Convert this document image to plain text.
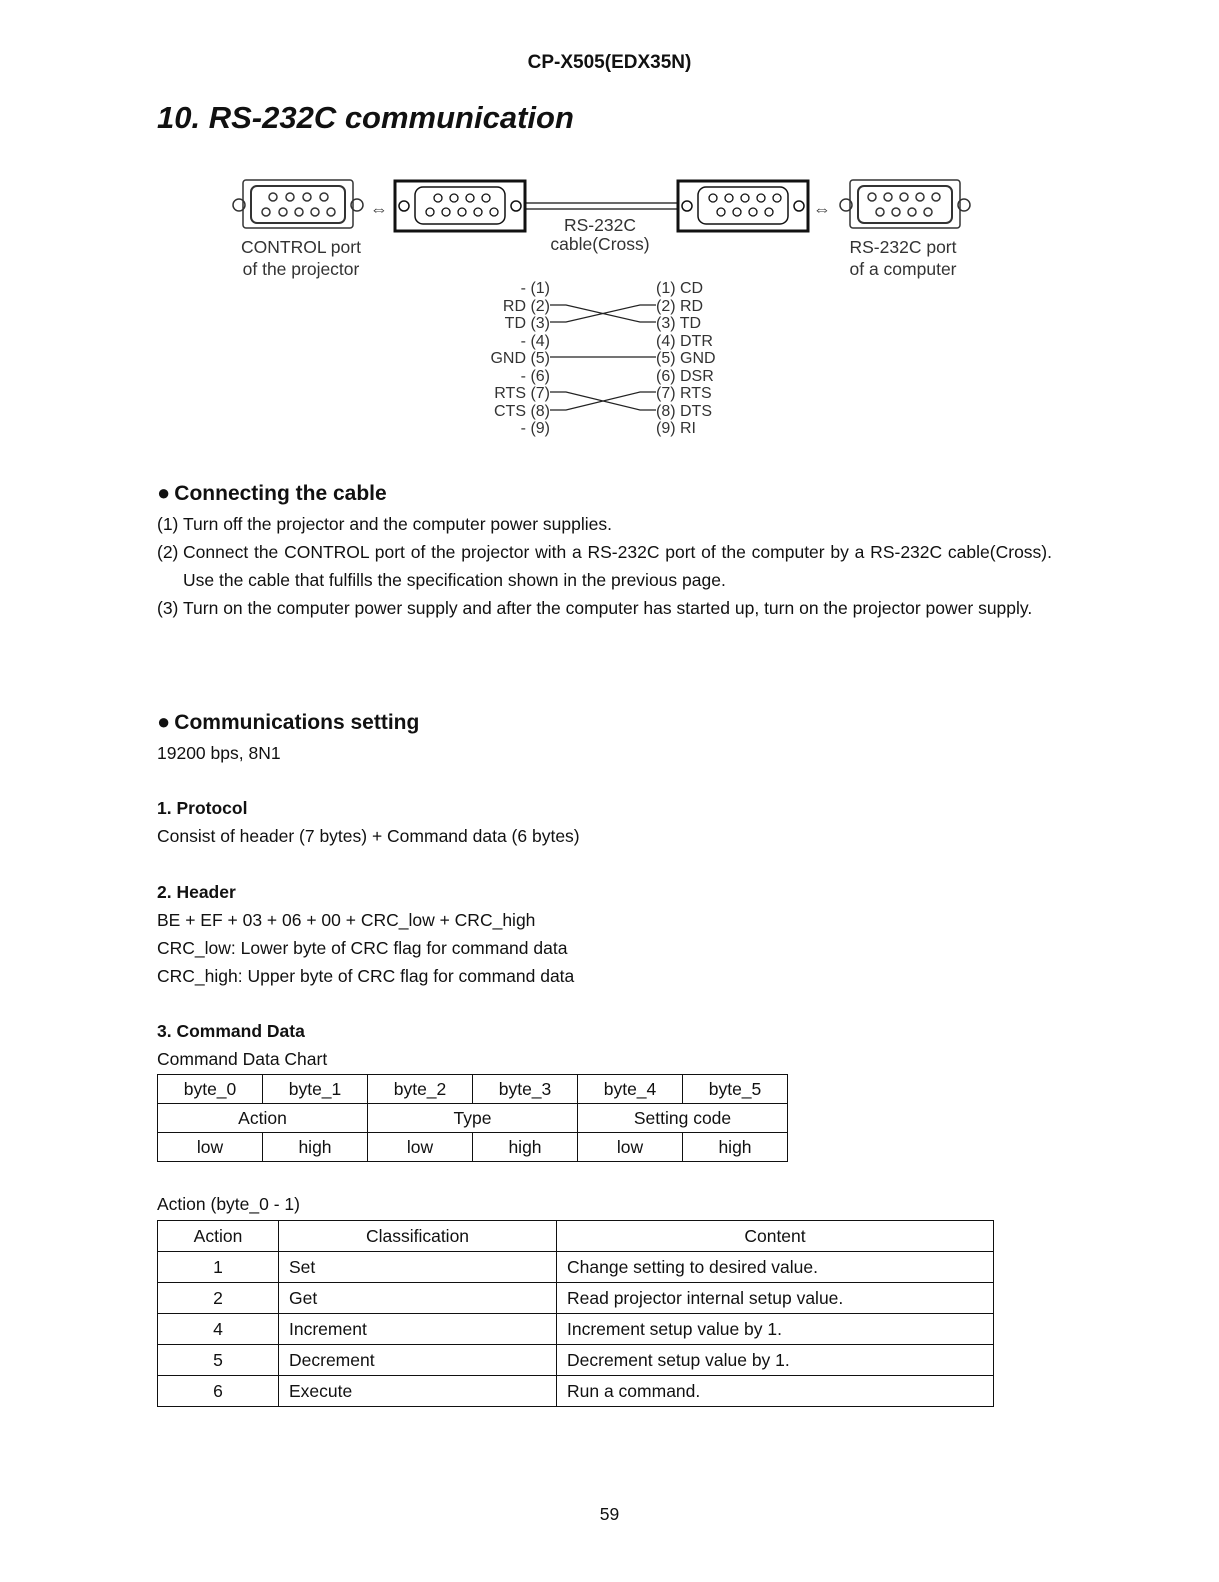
CP-X505(EDX35N)
10. RS-232C communication
⇔	⇔
RS-232C
cable(Cross)
CONTROL port
of the projector
RS-232C port
of a computer
- (1)
RD (2)
TD (3)
- (4)
GND (5)
- (6)
RTS (7)
CTS (8)
- (9)
(1) CD
(2) RD
(3) TD
(4) DTR
(5) GND
(6) DSR
(7) RTS
(8) DTS
(9) RI
● Connecting the cable
(1) Turn off the projector and the computer power supplies.
(2) Connect the CONTROL port of the projector with a RS-232C port of the computer by a RS-232C cable(Cross). Use the cable that fulfills the specification shown in the previous page.
(3) Turn on the computer power supply and after the computer has started up, turn on the projector power supply.
● Communications setting
19200 bps, 8N1
1. Protocol
Consist of header (7 bytes) + Command data (6 bytes)
2. Header
BE + EF + 03 + 06 + 00 + CRC_low + CRC_high
CRC_low: Lower byte of CRC flag for command data
CRC_high: Upper byte of CRC flag for command data
3. Command Data
Command Data Chart
byte_0	byte_1	byte_2	byte_3	byte_4	byte_5
Action		Type		Setting code	
low	high	low	high	low	high
Action (byte_0 - 1)
Action	Classification	Content
1	Set	Change setting to desired value.
2	Get	Read projector internal setup value.
4	Increment	Increment setup value by 1.
5	Decrement	Decrement setup value by 1.
6	Execute	Run a command.
59
